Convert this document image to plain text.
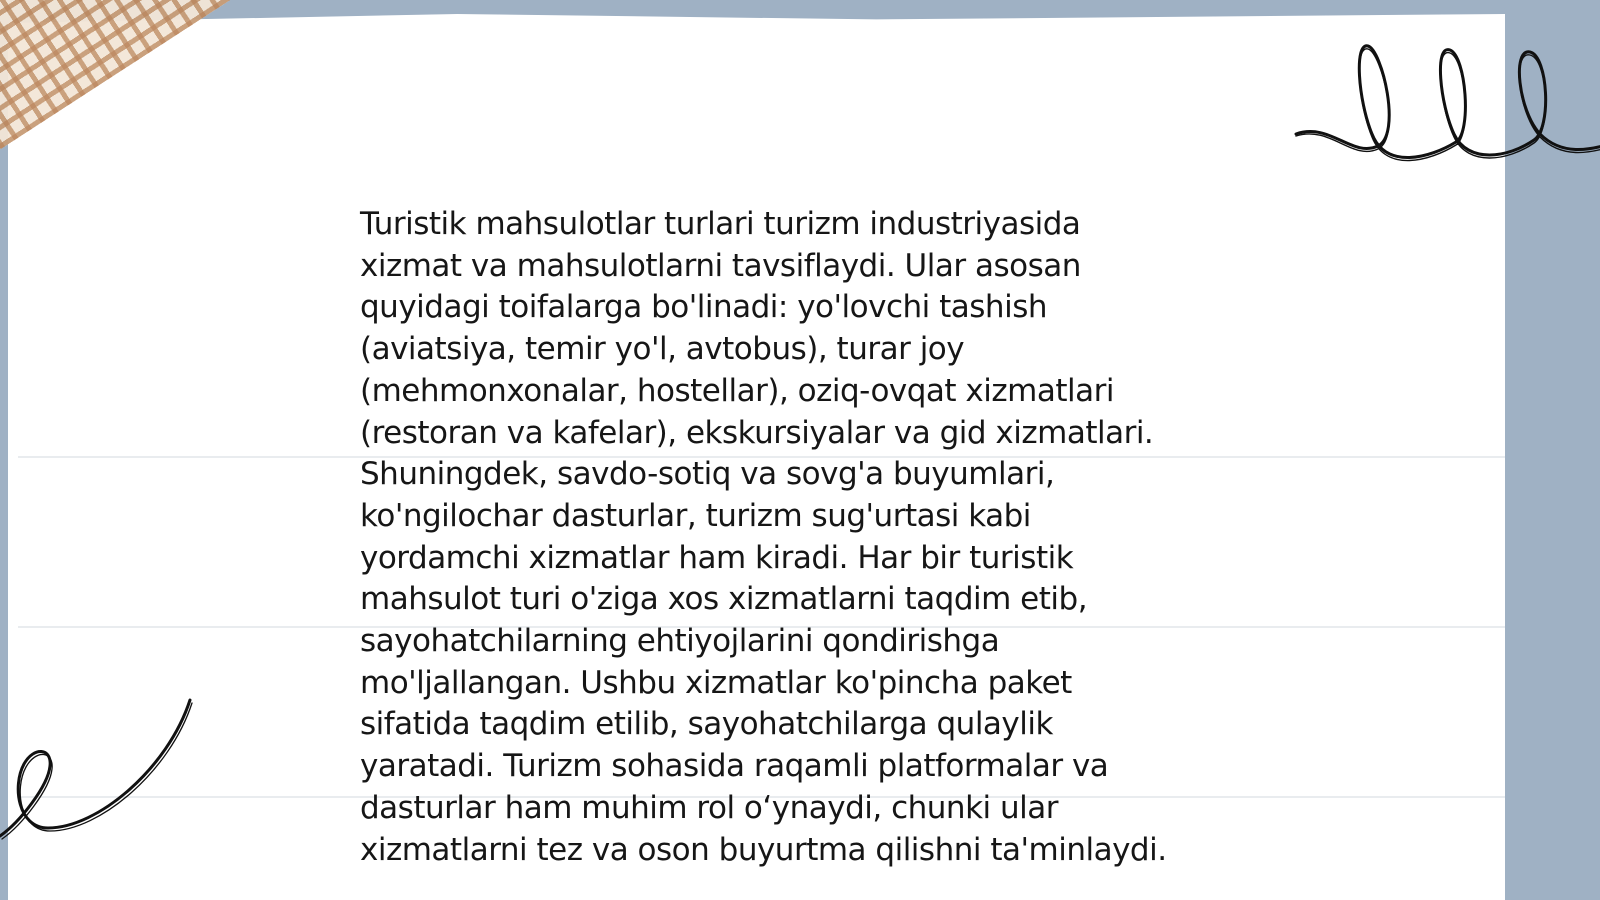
Turistik mahsulotlar turlari turizm industriyasida
xizmat va mahsulotlarni tavsiflaydi. Ular asosan
quyidagi toifalarga bo'linadi: yo'lovchi tashish
(aviatsiya, temir yo'l, avtobus), turar joy
(mehmonxonalar, hostellar), oziq-ovqat xizmatlari
(restoran va kafelar), ekskursiyalar va gid xizmatlari.
Shuningdek, savdo-sotiq va sovg'a buyumlari,
ko'ngilochar dasturlar, turizm sug'urtasi kabi
yordamchi xizmatlar ham kiradi. Har bir turistik
mahsulot turi o'ziga xos xizmatlarni taqdim etib,
sayohatchilarning ehtiyojlarini qondirishga
mo'ljallangan. Ushbu xizmatlar ko'pincha paket
sifatida taqdim etilib, sayohatchilarga qulaylik
yaratadi. Turizm sohasida raqamli platformalar va
dasturlar ham muhim rol o‘ynaydi, chunki ular
xizmatlarni tez va oson buyurtma qilishni ta'minlaydi.
